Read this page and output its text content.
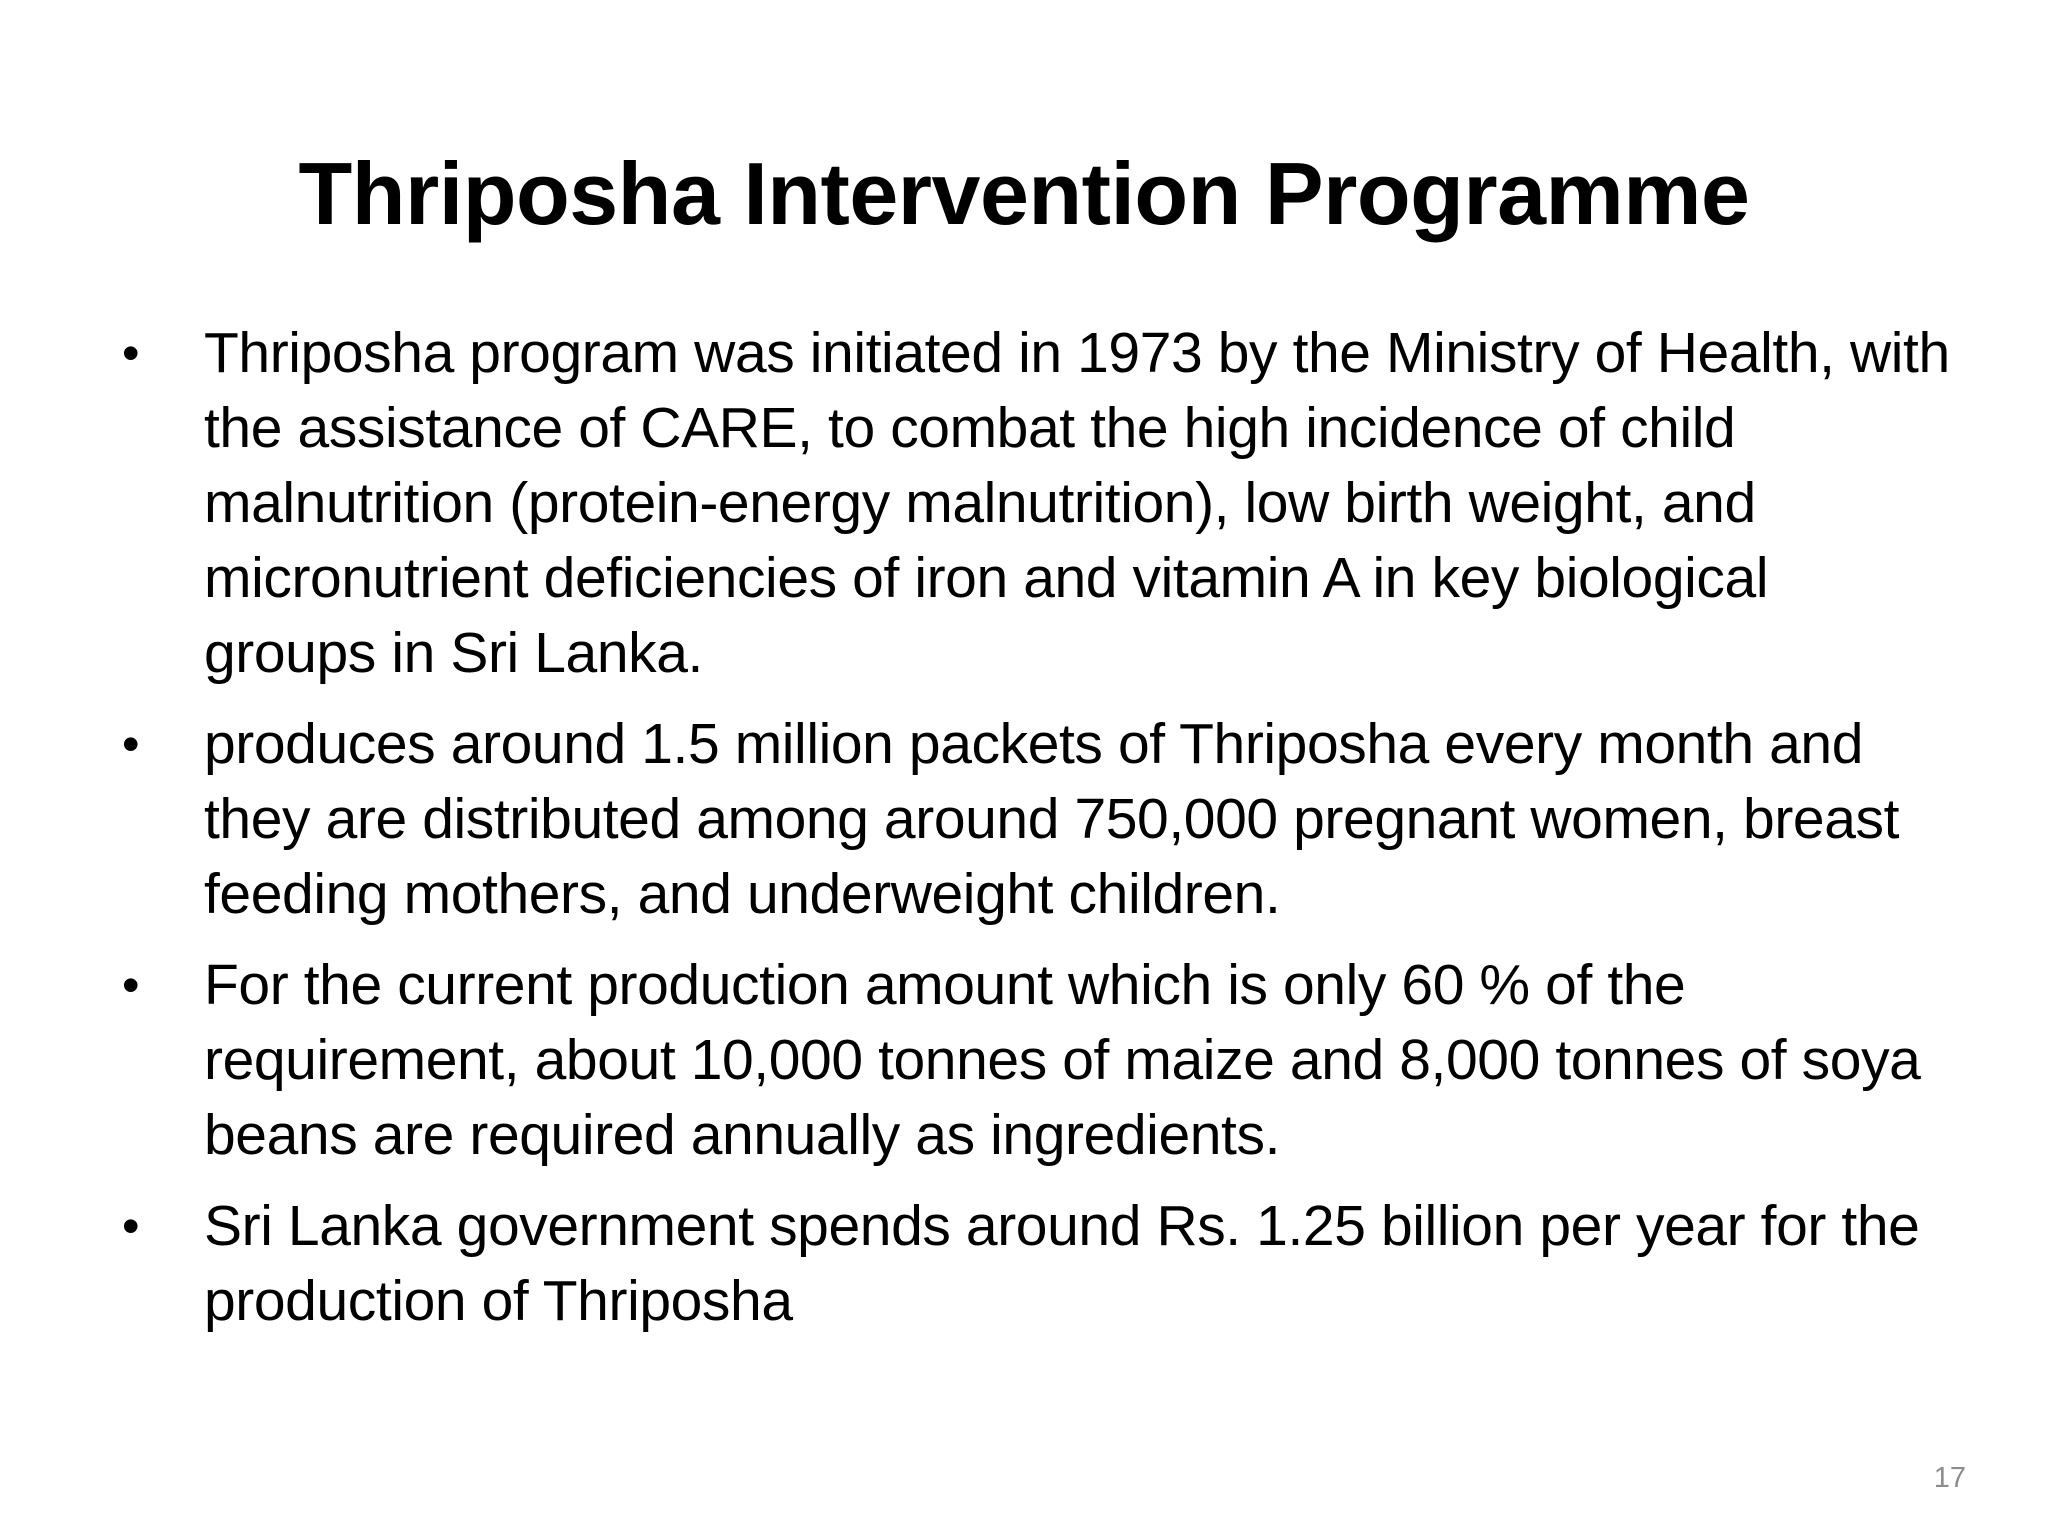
Thriposha Intervention Programme
•	Thriposha program was initiated in 1973 by the Ministry of Health, with the assistance of CARE, to combat the high incidence of child malnutrition (protein-energy malnutrition), low birth weight, and micronutrient deficiencies of iron and vitamin A in key biological groups in Sri Lanka.
•	produces around 1.5 million packets of Thriposha every month and they are distributed among around 750,000 pregnant women, breast feeding mothers, and underweight children.
•	For the current production amount which is only 60 % of the requirement, about 10,000 tonnes of maize and 8,000 tonnes of soya beans are required annually as ingredients.
•	Sri Lanka government spends around Rs. 1.25 billion per year for the production of Thriposha
17
